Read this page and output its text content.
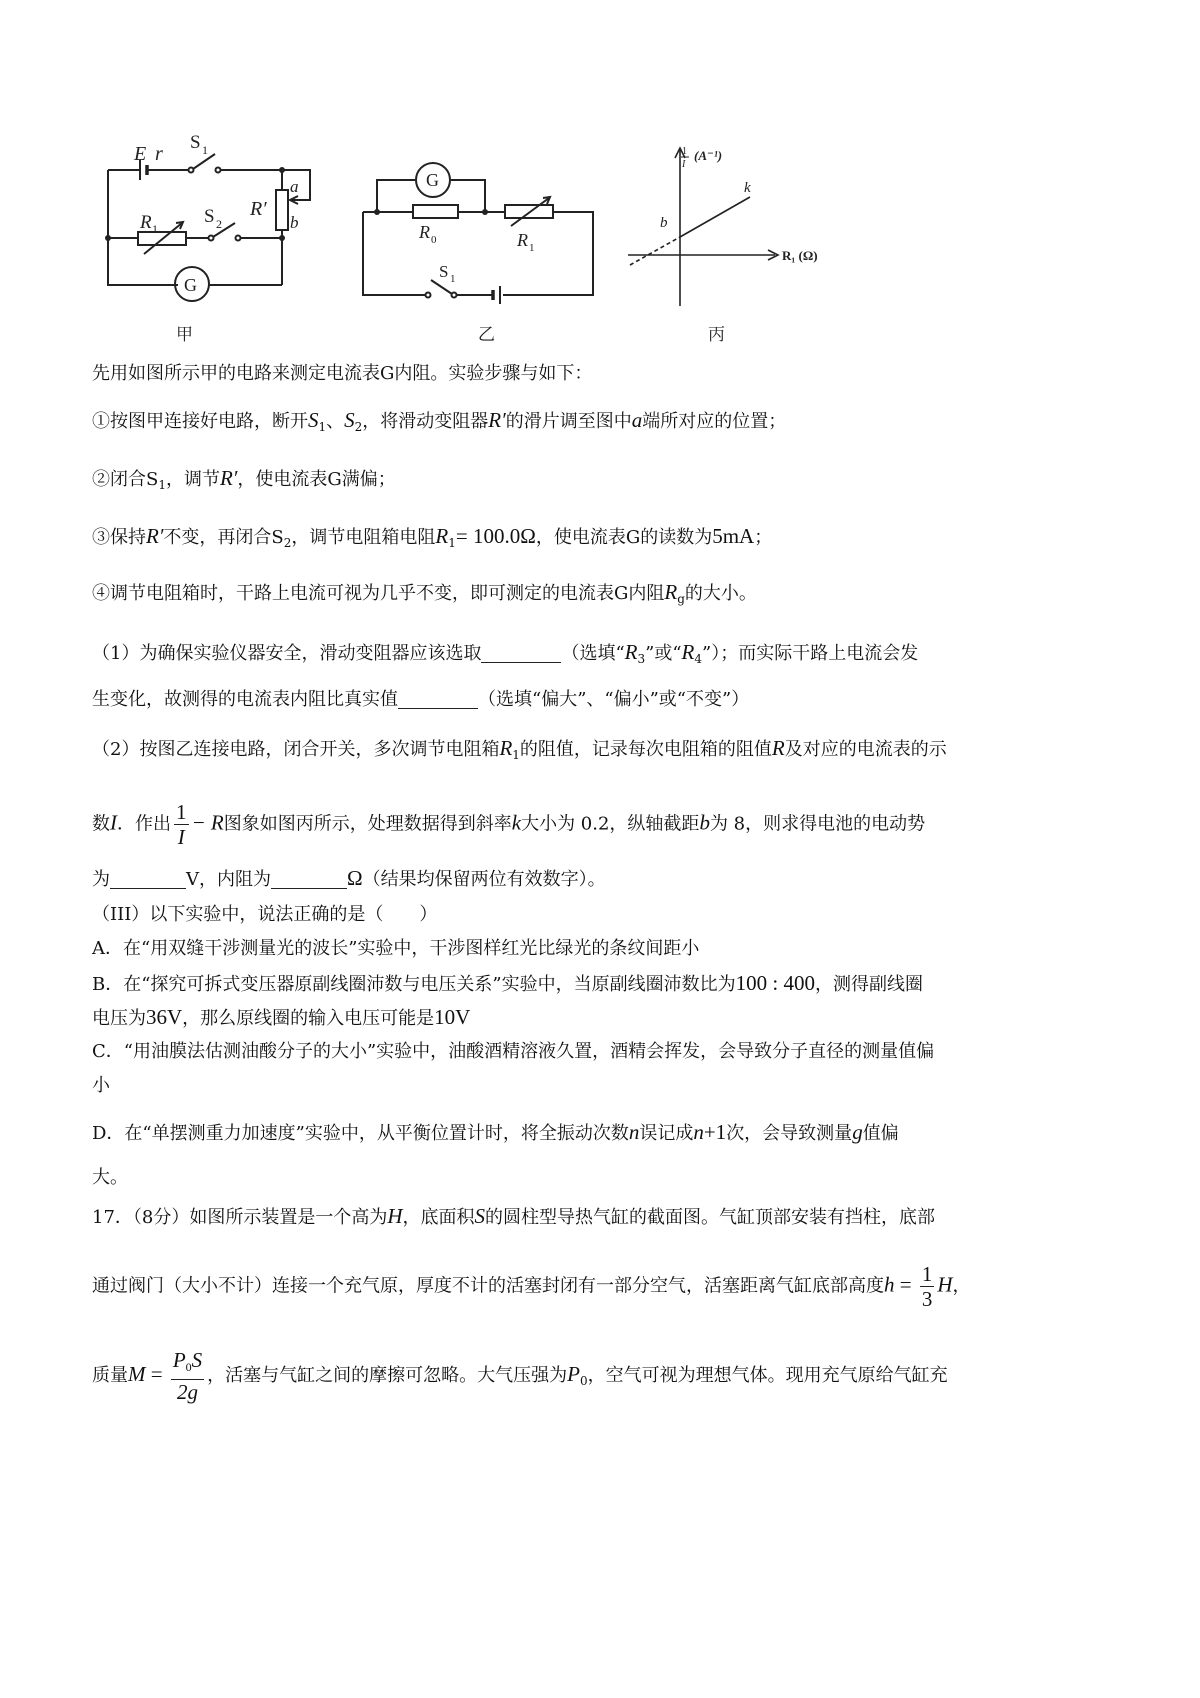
E r
S 1
R′
a
b
R 1
S 2
G
甲
G
R 0	R 1
S 1
乙
1
I
(A⁻¹)
R₁ (Ω)
b
k
丙
先用如图所示甲的电路来测定电流表G内阻。实验步骤与如下：
①按图甲连接好电路，断开$S_1$、$S_2$，将滑动变阻器R′的滑片调至图中a端所对应的位置；
②闭合$S_1$，调节R′，使电流表G满偏；
③保持R′不变，再闭合$S_2$，调节电阻箱电阻$R_1= 100.0\Omega$，使电流表G的读数为5mA；
④调节电阻箱时，干路上电流可视为几乎不变，即可测定的电流表G内阻$R_g$的大小。
（1）为确保实验仪器安全，滑动变阻器应该选取	（选填“$R_3$”或“$R_4$”）；而实际干路上电流会发
生变化，故测得的电流表内阻比真实值	（选填“偏大”、“偏小”或“不变”）
（2）按图乙连接电路，闭合开关，多次调节电阻箱$R_1$的阻值，记录每次电阻箱的阻值R及对应的电流表的示
数I．作出 $\frac{1}{I} - R$图象如图丙所示，处理数据得到斜率k大小为 0.2，纵轴截距b为 8，则求得电池的电动势
为	V，内阻为	Ω（结果均保留两位有效数字）。
（III）以下实验中，说法正确的是（　　）
A．在“用双缝干涉测量光的波长”实验中，干涉图样红光比绿光的条纹间距小
B．在“探究可拆式变压器原副线圈沛数与电压关系”实验中，当原副线圈沛数比为100 : 400，测得副线圈
电压为36V，那么原线圈的输入电压可能是10V
C．“用油膜法估测油酸分子的大小”实验中，油酸酒精溶液久置，酒精会挥发，会导致分子直径的测量值偏
小
D．在“单摆测重力加速度”实验中，从平衡位置计时，将全振动次数n误记成n+1次，会导致测量g值偏
大。
17．（8分）如图所示装置是一个高为H，底面积S的圆柱型导热气缸的截面图。气缸顶部安装有挡柱，底部
通过阀门（大小不计）连接一个充气原，厚度不计的活塞封闭有一部分空气，活塞距离气缸底部高度$h = \frac{1}{3}$ H，
质量$M = \frac{P_0S}{2g}$ ，活塞与气缸之间的摩擦可忽略。大气压强为$P_0$，空气可视为理想气体。现用充气原给气缸充
